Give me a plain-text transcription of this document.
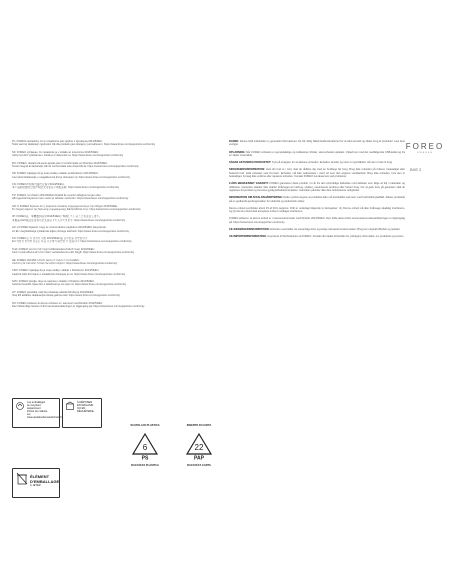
PL: FOREO oświadcza, że to urządzenie jest zgodne z dyrektywą 2014/53/EU.
Tekst wart tej deklaracji zgodności UE dla produktu jest dostępny pod adresem: https://www.foreo.com/support/ec-conformity
SK: FOREO vyhlasuje, že zariadenie je v súlade so smernicou 2014/53/EU.
Úplný text EÚ vyhlásenia o zhode je k dispozícii na: https://www.foreo.com/support/ec-conformity
RO: FOREO, declara că acest aparat este în conformitate cu Directiva 2014/53/EU.
Textul integral al declarației UE de conformitate este disponibil la: https://www.foreo.com/support/ec-conformity
SR: FOREO izjavljuje da je ovaj uređaj u skladu sa Direktivom 2014/53/EU.
Ceo tekst Deklaracije o usaglašenosti EU je dostupan na: https://www.foreo.com/support/ec-conformity
CN: FOREO声明本设备符合指令2014/53/EU。
本产品的欧盟符合性声明全文可在以下网址获取: https://www.foreo.com/support/ec-conformity
TR: FOREO, bu cihazın 2014/53/EU Direktifi ile uyumlu olduğunu beyan eder.
AB uygunluk beyanının tam metni şu adreste mevcuttur: https://www.foreo.com/support/ec-conformity
GR: Η FOREO δηλώνει ότι η παρούσα συσκευή συμμορφώνεται με την Οδηγία 2014/53/ΕΕ.
Το πλήρες κείμενο της δήλωσης συμμόρφωσης ΕΕ διατίθεται στην: https://www.foreo.com/support/ec-conformity
JP: FOREOは、本機器が指令2014/53/EUに準拠していることを宣言します。
本製品のEU適合宣言書の全文は以下で入手できます: https://www.foreo.com/support/ec-conformity
HU: A FOREO kijelenti, hogy ez a berendezés megfelel a 2014/53/EU irányelvnek.
Az EU megfelelőségi nyilatkozat teljes szövege elérhető: https://www.foreo.com/support/ec-conformity
KO: FOREO는 이 장치가 지침 2014/53/EU를 준수함을 선언합니다.
EU 적합성 선언의 전문은 다음 주소에서 확인할 수 있습니다: https://www.foreo.com/support/ec-conformity
THA: FOREO ขอประกาศว่าอุปกรณ์นี้สอดคล้องกับข้อกำหนด 2014/53/EU
ข้อความฉบับเต็มของคำประกาศความสอดคล้องของ EU มีอยู่ที่: https://www.foreo.com/support/ec-conformity
HE: FOREO מצהירה כי מכשיר זה תואם להנחיה 2014/53/EU.
הטקסט המלא של הצהרת התאימות זמין בכתובת: https://www.foreo.com/support/ec-conformity
CRO: FOREO izjavljuje da je ovaj uređaj u skladu s Direktivom 2014/53/EU.
Cjeloviti tekst EU izjave o sukladnosti dostupan je na: https://www.foreo.com/support/ec-conformity
SVN: FOREO izjavlja, da je ta naprava v skladu z Direktivo 2014/53/EU.
Celotno besedilo izjave EU o skladnosti je na voljo na: https://www.foreo.com/support/ec-conformity
LIT: FOREO pareiškia, kad šis prietaisas atitinka Direktyvą 2014/53/ES.
Visą ES atitikties deklaracijos tekstą galima rasti: https://www.foreo.com/support/ec-conformity
NO: FOREO erklærer at denne enheten er i samsvar med Direktiv 2014/53/EU.
Den fullstendige teksten til EU-samsvarserklæringen er tilgjengelig på: https://www.foreo.com/support/ec-conformity
DANSK: Denne fuldt indeholder ny generelle informationer, fra når viklig Sikkerhedsinstruktioner for at sikre korrekt og sikker brug af produktet. Læs dem venligst.
OPLADNING: Når FOREO enheden er genopladelige og indikatoren blinker, skal enheden oplades. Oplad kun med det medfølgende USB-kabel og fra en sikker strømkilde.
SÅDAN AKTIVERES PRODUKTET: Tryk på knappen for at aktivere enheden. Enheden tænder og viser en lysindikator når den er klar til brug.
SIKKERHEDSINFORMATION: Hvis din hud er i tvivl, skal du rådføre dig med en hudlæge før brug. Brug ikke enheden på irriteret, beskadiget eller betændt hud. Hold enheden væk fra børn. Enheden må ikke nedsænkes i vand ud over den angivne vandtæthed. Brug ikke enheden, hvis den er beskadiget. Forsøg ikke at åbne eller reparere enheden. Kontakt FOREO kundeservice ved problemer.
2-ÅRS BEGRÆNSET GARANTI: FOREO garanterer dette produkt i to år fra den oprindelige købsdato mod defekter som følge af fejl i materialer og udførelse. Garantien dækker ikke skader forårsaget af misbrug, ulykker, uautoriseret ændring eller forkert brug. For at gøre krav på garantien skal du registrere dit produkt og fremvise gyldig købsdokumentation. Garantien påvirker ikke dine lovbestemte rettigheder.
INFORMATION OM AFFALDSHÅNDTERING: Dette symbol angiver at produktet ikke må bortskaffes sammen med husholdningsaffald. Aflever produktet på en godkendt genbrugsstation for elektrisk og elektronisk udstyr.
Denne enhed overholder afsnit 15 af FCC-reglerne. Drift er underlagt følgende to betingelser: (1) Denne enhed må ikke forårsage skadelig interferens, og (2) denne enhed skal acceptere enhver modtaget interferens.
FOREO erklærer, at denne enhed er i overensstemmelse med Direktiv 2014/53/EU. Den fulde tekst af EU-overensstemmelseserklæringen er tilgængelig på: https://www.foreo.com/support/ec-conformity
CE-SIKKERHEDSINFORMATION: Enheden overholder de væsentlige krav og øvrige relevante bestemmelser. Brug kun originalt tilbehør og oplader.
UK IMPORTØRINFORMATION: Importeret til Storbritannien af FOREO. Kontakt din lokale forhandler for yderligere information om produktet og service.
FOREO
SWEDEN
BXE 2
Les emballages
se recyclent
séparément
Points de collecte
sur www.quefairedemesdechets.fr
À DÉPOSER
EN MAGASIN
OU EN
DÉCHÈTERIE
ÉLÉMENT
D'EMBALLAGE
À JETER
SCATOLA DI PLASTICA	INSERTO DI CARTA
6
PS
22
PAP
RACCOLTA PLASTICA	RACCOLTA CARTA
